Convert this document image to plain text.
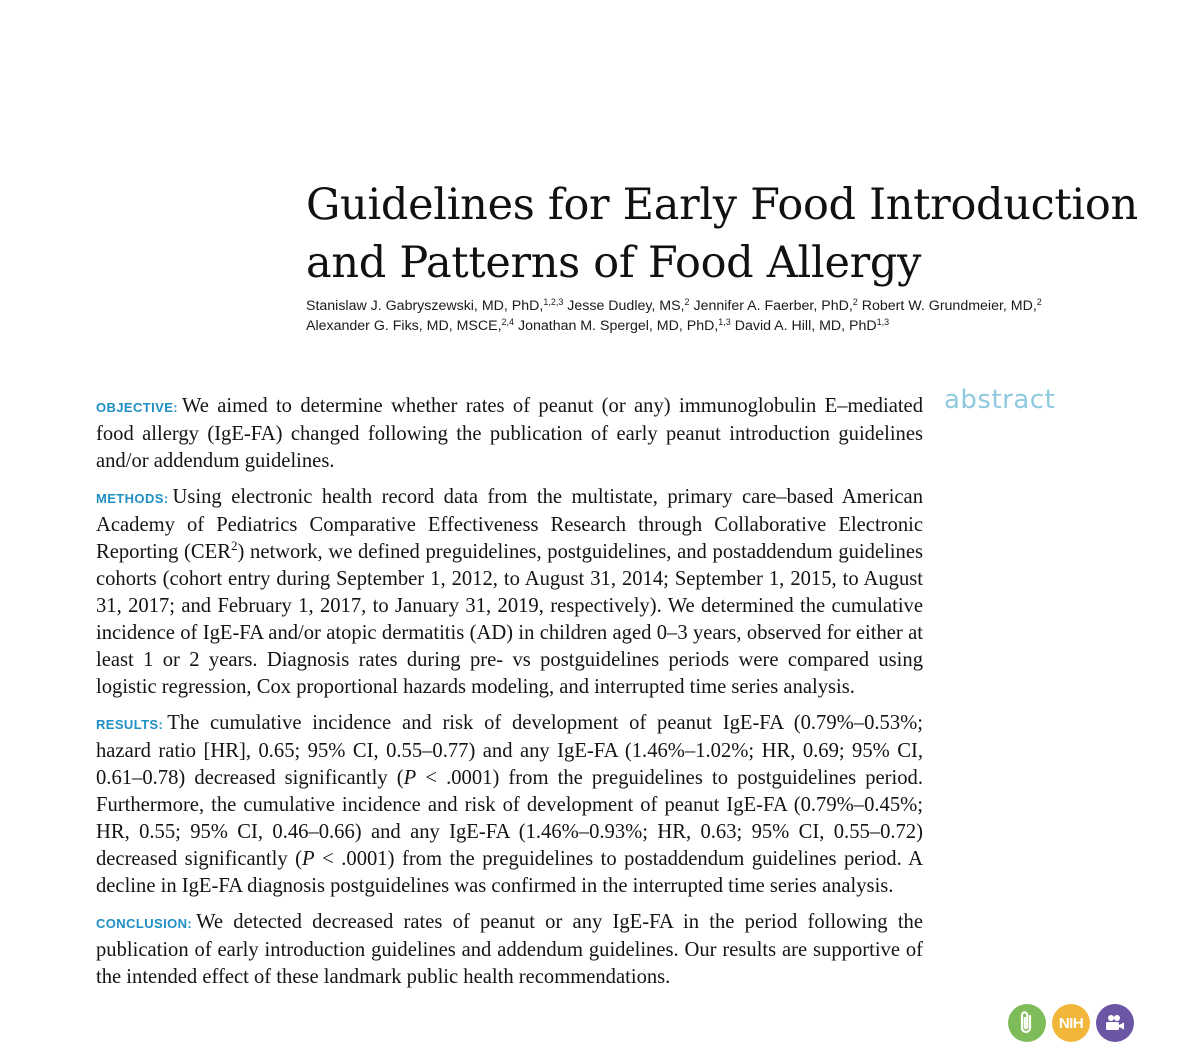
Guidelines for Early Food Introduction
and Patterns of Food Allergy
Stanislaw J. Gabryszewski, MD, PhD,$^{1,2,3}$ Jesse Dudley, MS,$^2$ Jennifer A. Faerber, PhD,$^2$ Robert W. Grundmeier, MD,$^2$
Alexander G. Fiks, MD, MSCE,$^{2,4}$ Jonathan M. Spergel, MD, PhD,$^{1,3}$ David A. Hill, MD, PhD$^{1,3}$
abstract

OBJECTIVE: We aimed to determine whether rates of peanut (or any) immunoglobulin E–mediated food allergy (IgE-FA) changed following the publication of early peanut introduction guidelines and/or addendum guidelines.

METHODS: Using electronic health record data from the multistate, primary care–based American Academy of Pediatrics Comparative Effectiveness Research through Collaborative Electronic Reporting (CER$^2$) network, we defined preguidelines, postguidelines, and postaddendum guidelines cohorts (cohort entry during September 1, 2012, to August 31, 2014; September 1, 2015, to August 31, 2017; and February 1, 2017, to January 31, 2019, respectively). We determined the cumulative incidence of IgE-FA and/or atopic dermatitis (AD) in children aged 0–3 years, observed for either at least 1 or 2 years. Diagnosis rates during pre- vs postguidelines periods were compared using logistic regression, Cox proportional hazards modeling, and interrupted time series analysis.

RESULTS: The cumulative incidence and risk of development of peanut IgE-FA (0.79%–0.53%; hazard ratio [HR], 0.65; 95% CI, 0.55–0.77) and any IgE-FA (1.46%–1.02%; HR, 0.69; 95% CI, 0.61–0.78) decreased significantly (P < .0001) from the preguidelines to postguidelines period. Furthermore, the cumulative incidence and risk of development of peanut IgE-FA (0.79%–0.45%; HR, 0.55; 95% CI, 0.46–0.66) and any IgE-FA (1.46%–0.93%; HR, 0.63; 95% CI, 0.55–0.72) decreased significantly (P < .0001) from the preguidelines to postaddendum guidelines period. A decline in IgE-FA diagnosis postguidelines was confirmed in the interrupted time series analysis.

CONCLUSION: We detected decreased rates of peanut or any IgE-FA in the period following the publication of early introduction guidelines and addendum guidelines. Our results are supportive of the intended effect of these landmark public health recommendations.

NIH
